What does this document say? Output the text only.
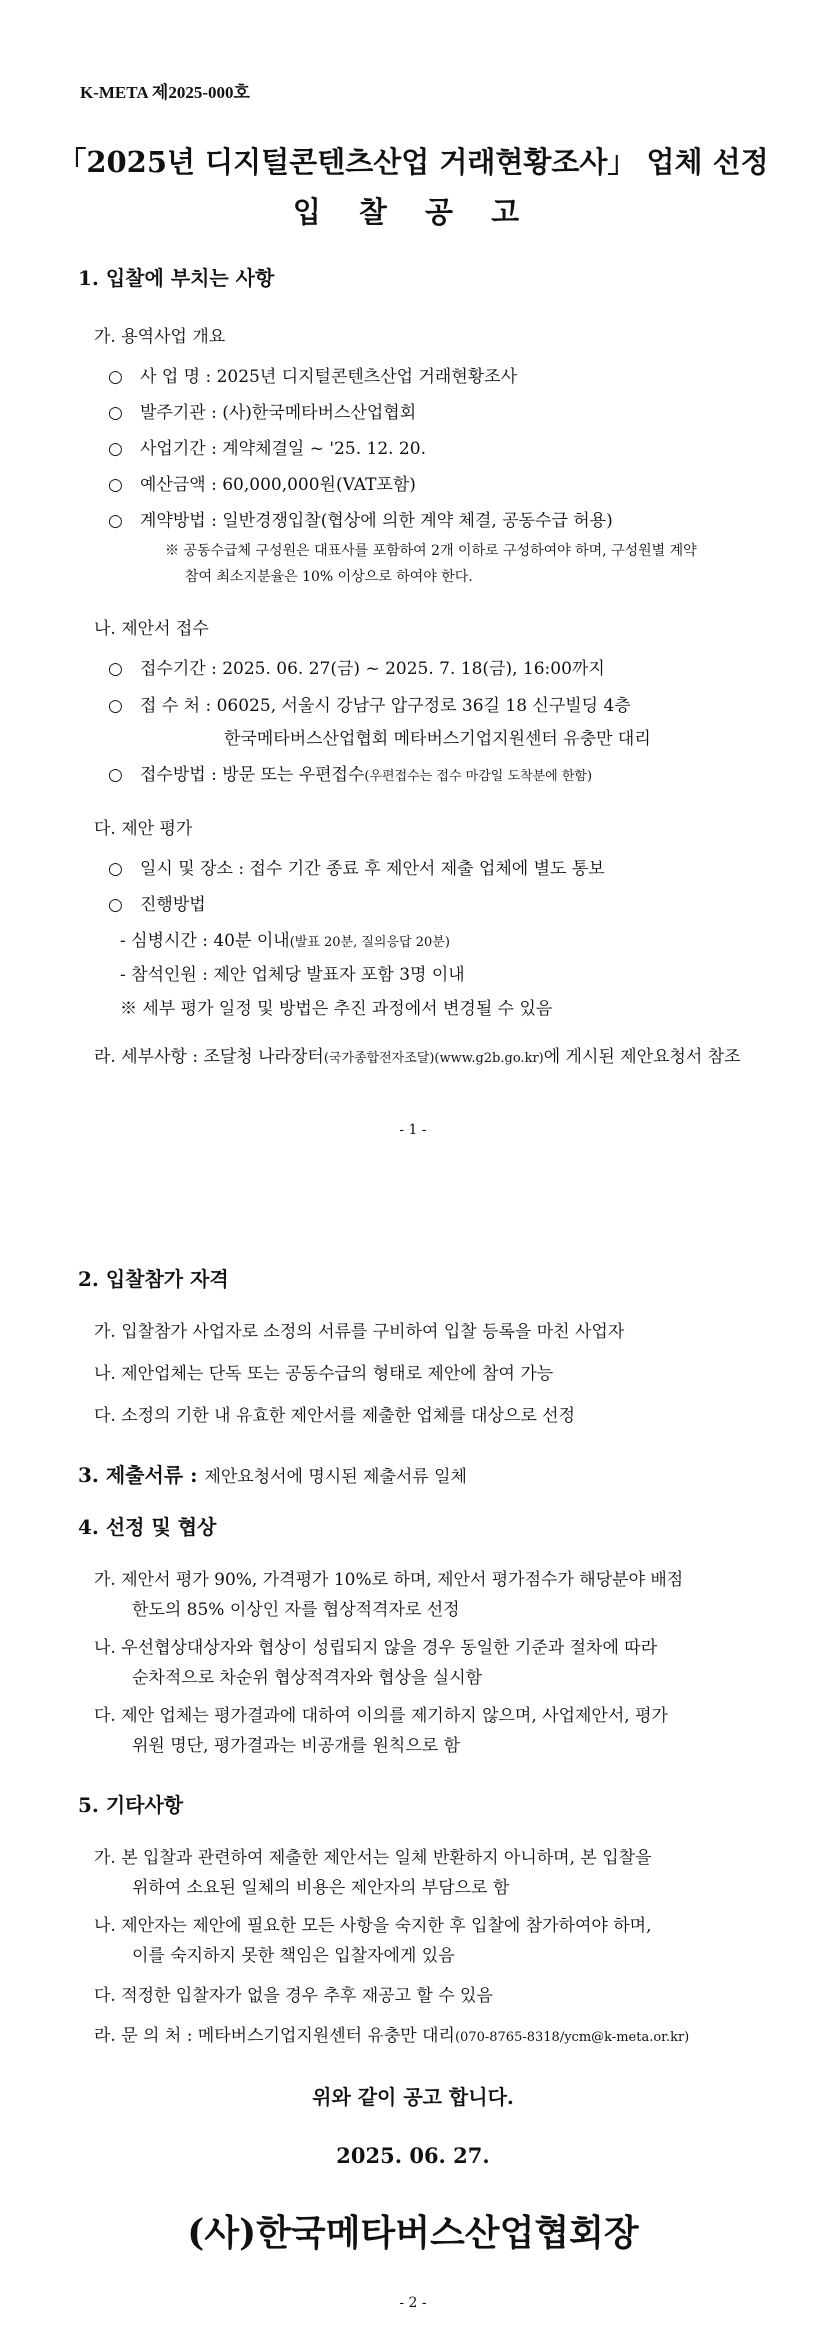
K-META 제2025-000호
「2025년 디지털콘텐츠산업 거래현황조사」 업체 선정
입 찰 공 고
1. 입찰에 부치는 사항
가. 용역사업 개요
○ 사 업 명 : 2025년 디지털콘텐츠산업 거래현황조사
○ 발주기관 : (사)한국메타버스산업협회
○ 사업기간 : 계약체결일 ~ '25. 12. 20.
○ 예산금액 : 60,000,000원(VAT포함)
○ 계약방법 : 일반경쟁입찰(협상에 의한 계약 체결, 공동수급 허용)
※ 공동수급체 구성원은 대표사를 포함하여 2개 이하로 구성하여야 하며, 구성원별 계약
참여 최소지분율은 10% 이상으로 하여야 한다.
나. 제안서 접수
○ 접수기간 : 2025. 06. 27(금) ~ 2025. 7. 18(금), 16:00까지
○ 접 수 처 : 06025, 서울시 강남구 압구정로 36길 18 신구빌딩 4층
한국메타버스산업협회 메타버스기업지원센터 유충만 대리
○ 접수방법 : 방문 또는 우편접수(우편접수는 접수 마감일 도착분에 한함)
다. 제안 평가
○ 일시 및 장소 : 접수 기간 종료 후 제안서 제출 업체에 별도 통보
○ 진행방법
- 심병시간 : 40분 이내(발표 20분, 질의응답 20분)
- 참석인원 : 제안 업체당 발표자 포함 3명 이내
※ 세부 평가 일정 및 방법은 추진 과정에서 변경될 수 있음
라. 세부사항 : 조달청 나라장터(국가종합전자조달)(www.g2b.go.kr)에 게시된 제안요청서 참조
- 1 -
2. 입찰참가 자격
가. 입찰참가 사업자로 소정의 서류를 구비하여 입찰 등록을 마친 사업자
나. 제안업체는 단독 또는 공동수급의 형태로 제안에 참여 가능
다. 소정의 기한 내 유효한 제안서를 제출한 업체를 대상으로 선정
3. 제출서류 : 제안요청서에 명시된 제출서류 일체
4. 선정 및 협상
가. 제안서 평가 90%, 가격평가 10%로 하며, 제안서 평가점수가 해당분야 배점
한도의 85% 이상인 자를 협상적격자로 선정
나. 우선협상대상자와 협상이 성립되지 않을 경우 동일한 기준과 절차에 따라
순차적으로 차순위 협상적격자와 협상을 실시함
다. 제안 업체는 평가결과에 대하여 이의를 제기하지 않으며, 사업제안서, 평가
위원 명단, 평가결과는 비공개를 원칙으로 함
5. 기타사항
가. 본 입찰과 관련하여 제출한 제안서는 일체 반환하지 아니하며, 본 입찰을
위하여 소요된 일체의 비용은 제안자의 부담으로 함
나. 제안자는 제안에 필요한 모든 사항을 숙지한 후 입찰에 참가하여야 하며,
이를 숙지하지 못한 책임은 입찰자에게 있음
다. 적정한 입찰자가 없을 경우 추후 재공고 할 수 있음
라. 문 의 처 : 메타버스기업지원센터 유충만 대리(070-8765-8318/ycm@k-meta.or.kr)
위와 같이 공고 합니다.
2025. 06. 27.
(사)한국메타버스산업협회장
- 2 -
